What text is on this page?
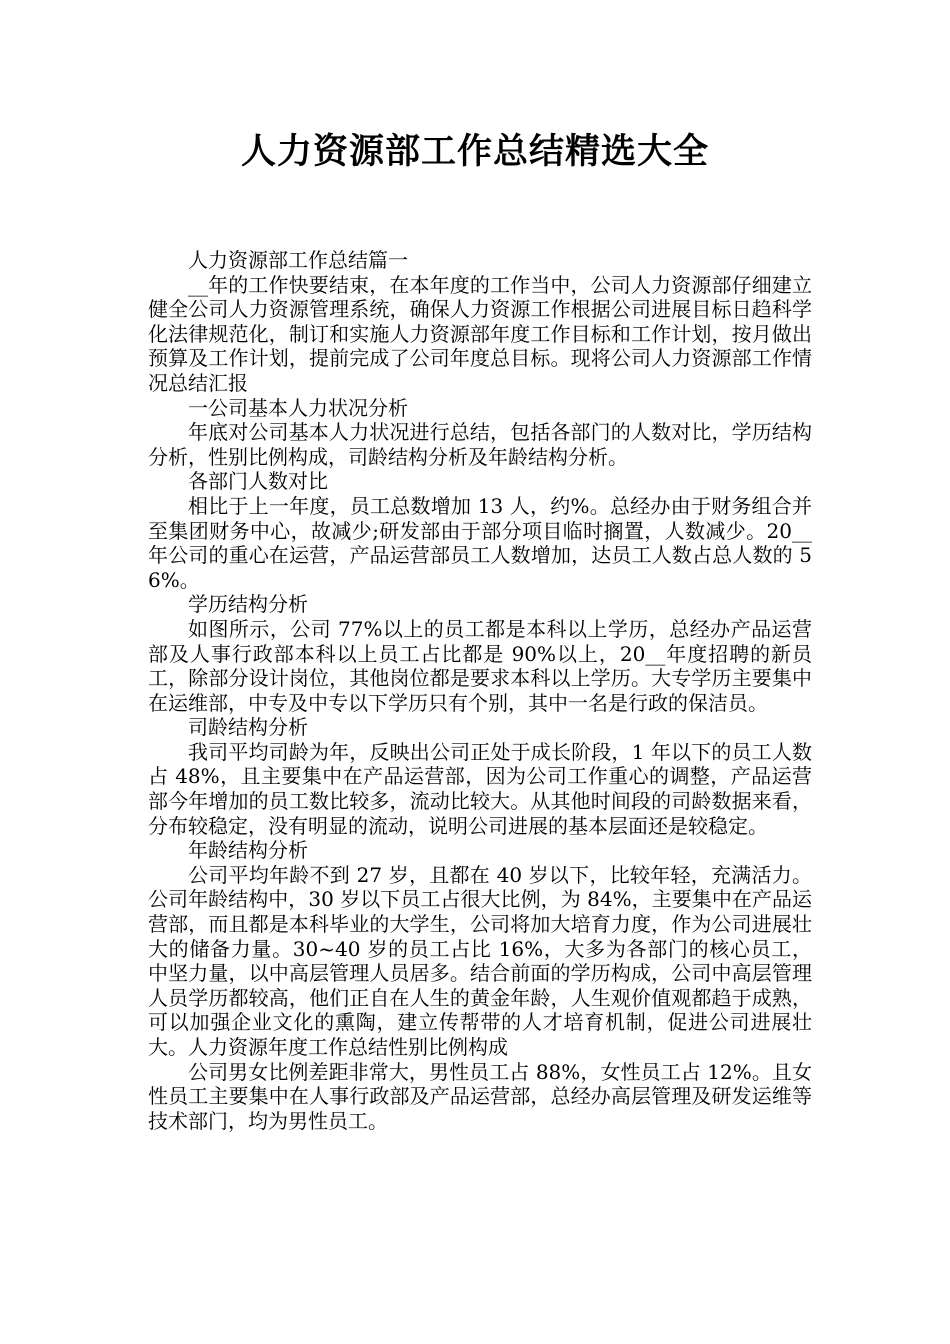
人力资源部工作总结精选大全

人力资源部工作总结篇一

__年的工作快要结束，在本年度的工作当中，公司人力资源部仔细建立健全公司人力资源管理系统，确保人力资源工作根据公司进展目标日趋科学化法律规范化，制订和实施人力资源部年度工作目标和工作计划，按月做出预算及工作计划，提前完成了公司年度总目标。现将公司人力资源部工作情况总结汇报

一公司基本人力状况分析

年底对公司基本人力状况进行总结，包括各部门的人数对比，学历结构分析，性别比例构成，司龄结构分析及年龄结构分析。

各部门人数对比

相比于上一年度，员工总数增加 13 人，约%。总经办由于财务组合并至集团财务中心，故减少;研发部由于部分项目临时搁置，人数减少。20__年公司的重心在运营，产品运营部员工人数增加，达员工人数占总人数的 56%。

学历结构分析

如图所示，公司 77%以上的员工都是本科以上学历，总经办产品运营部及人事行政部本科以上员工占比都是 90%以上，20__年度招聘的新员工，除部分设计岗位，其他岗位都是要求本科以上学历。大专学历主要集中在运维部，中专及中专以下学历只有个别，其中一名是行政的保洁员。

司龄结构分析

我司平均司龄为年，反映出公司正处于成长阶段，1 年以下的员工人数占 48%，且主要集中在产品运营部，因为公司工作重心的调整，产品运营部今年增加的员工数比较多，流动比较大。从其他时间段的司龄数据来看，分布较稳定，没有明显的流动，说明公司进展的基本层面还是较稳定。

年龄结构分析

公司平均年龄不到 27 岁，且都在 40 岁以下，比较年轻，充满活力。公司年龄结构中，30 岁以下员工占很大比例，为 84%，主要集中在产品运营部，而且都是本科毕业的大学生，公司将加大培育力度，作为公司进展壮大的储备力量。30~40 岁的员工占比 16%，大多为各部门的核心员工，中坚力量，以中高层管理人员居多。结合前面的学历构成，公司中高层管理人员学历都较高，他们正自在人生的黄金年龄，人生观价值观都趋于成熟，可以加强企业文化的熏陶，建立传帮带的人才培育机制，促进公司进展壮大。人力资源年度工作总结性别比例构成

公司男女比例差距非常大，男性员工占 88%，女性员工占 12%。且女性员工主要集中在人事行政部及产品运营部，总经办高层管理及研发运维等技术部门，均为男性员工。
